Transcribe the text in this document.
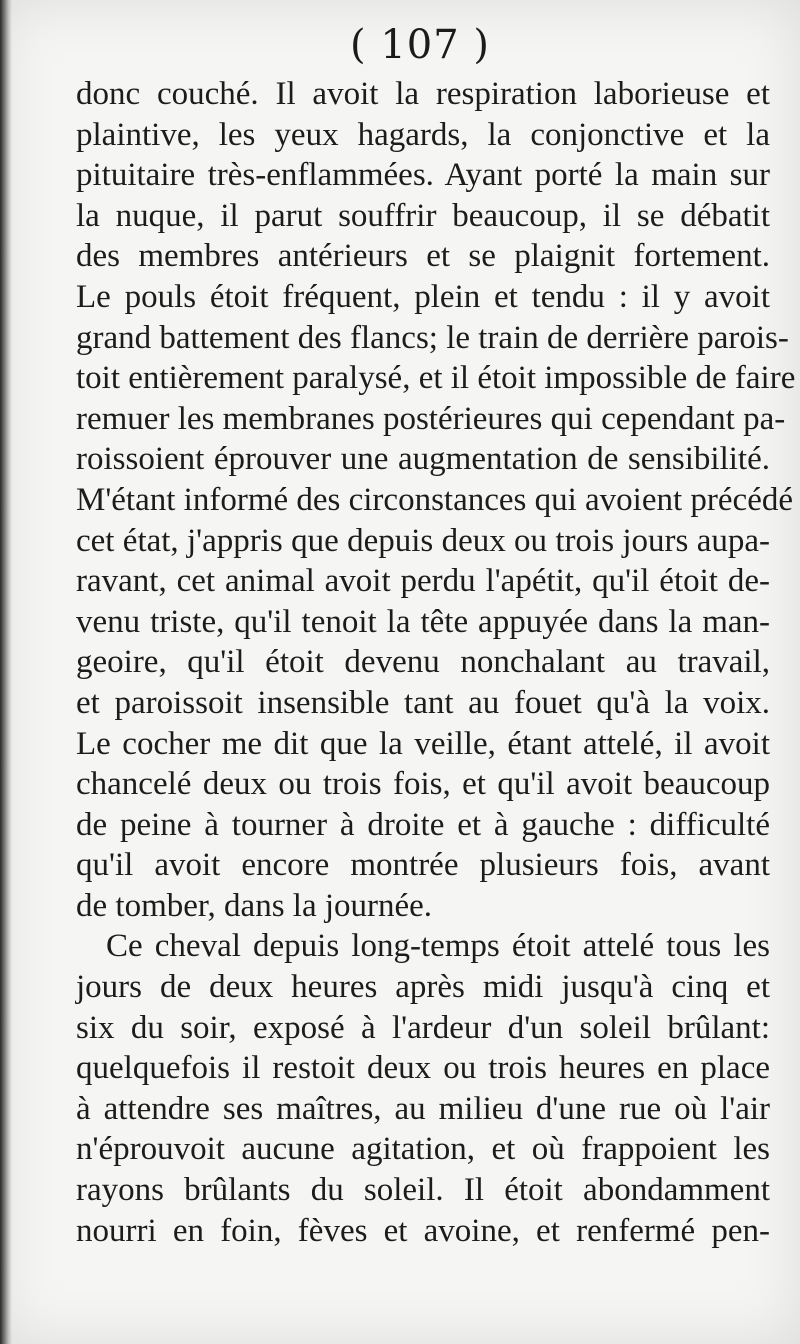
( 107 )
donc couché. Il avoit la respiration laborieuse et
plaintive, les yeux hagards, la conjonctive et la
pituitaire très-enflammées. Ayant porté la main sur
la nuque, il parut souffrir beaucoup, il se débatit
des membres antérieurs et se plaignit fortement.
Le pouls étoit fréquent, plein et tendu : il y avoit
grand battement des flancs; le train de derrière parois-
toit entièrement paralysé, et il étoit impossible de faire
remuer les membranes postérieures qui cependant pa-
roissoient éprouver une augmentation de sensibilité.
M'étant informé des circonstances qui avoient précédé
cet état, j'appris que depuis deux ou trois jours aupa-
ravant, cet animal avoit perdu l'apétit, qu'il étoit de-
venu triste, qu'il tenoit la tête appuyée dans la man-
geoire, qu'il étoit devenu nonchalant au travail,
et paroissoit insensible tant au fouet qu'à la voix.
Le cocher me dit que la veille, étant attelé, il avoit
chancelé deux ou trois fois, et qu'il avoit beaucoup
de peine à tourner à droite et à gauche : difficulté
qu'il avoit encore montrée plusieurs fois, avant
de tomber, dans la journée.
Ce cheval depuis long-temps étoit attelé tous les
jours de deux heures après midi jusqu'à cinq et
six du soir, exposé à l'ardeur d'un soleil brûlant:
quelquefois il restoit deux ou trois heures en place
à attendre ses maîtres, au milieu d'une rue où l'air
n'éprouvoit aucune agitation, et où frappoient les
rayons brûlants du soleil. Il étoit abondamment
nourri en foin, fèves et avoine, et renfermé pen-
